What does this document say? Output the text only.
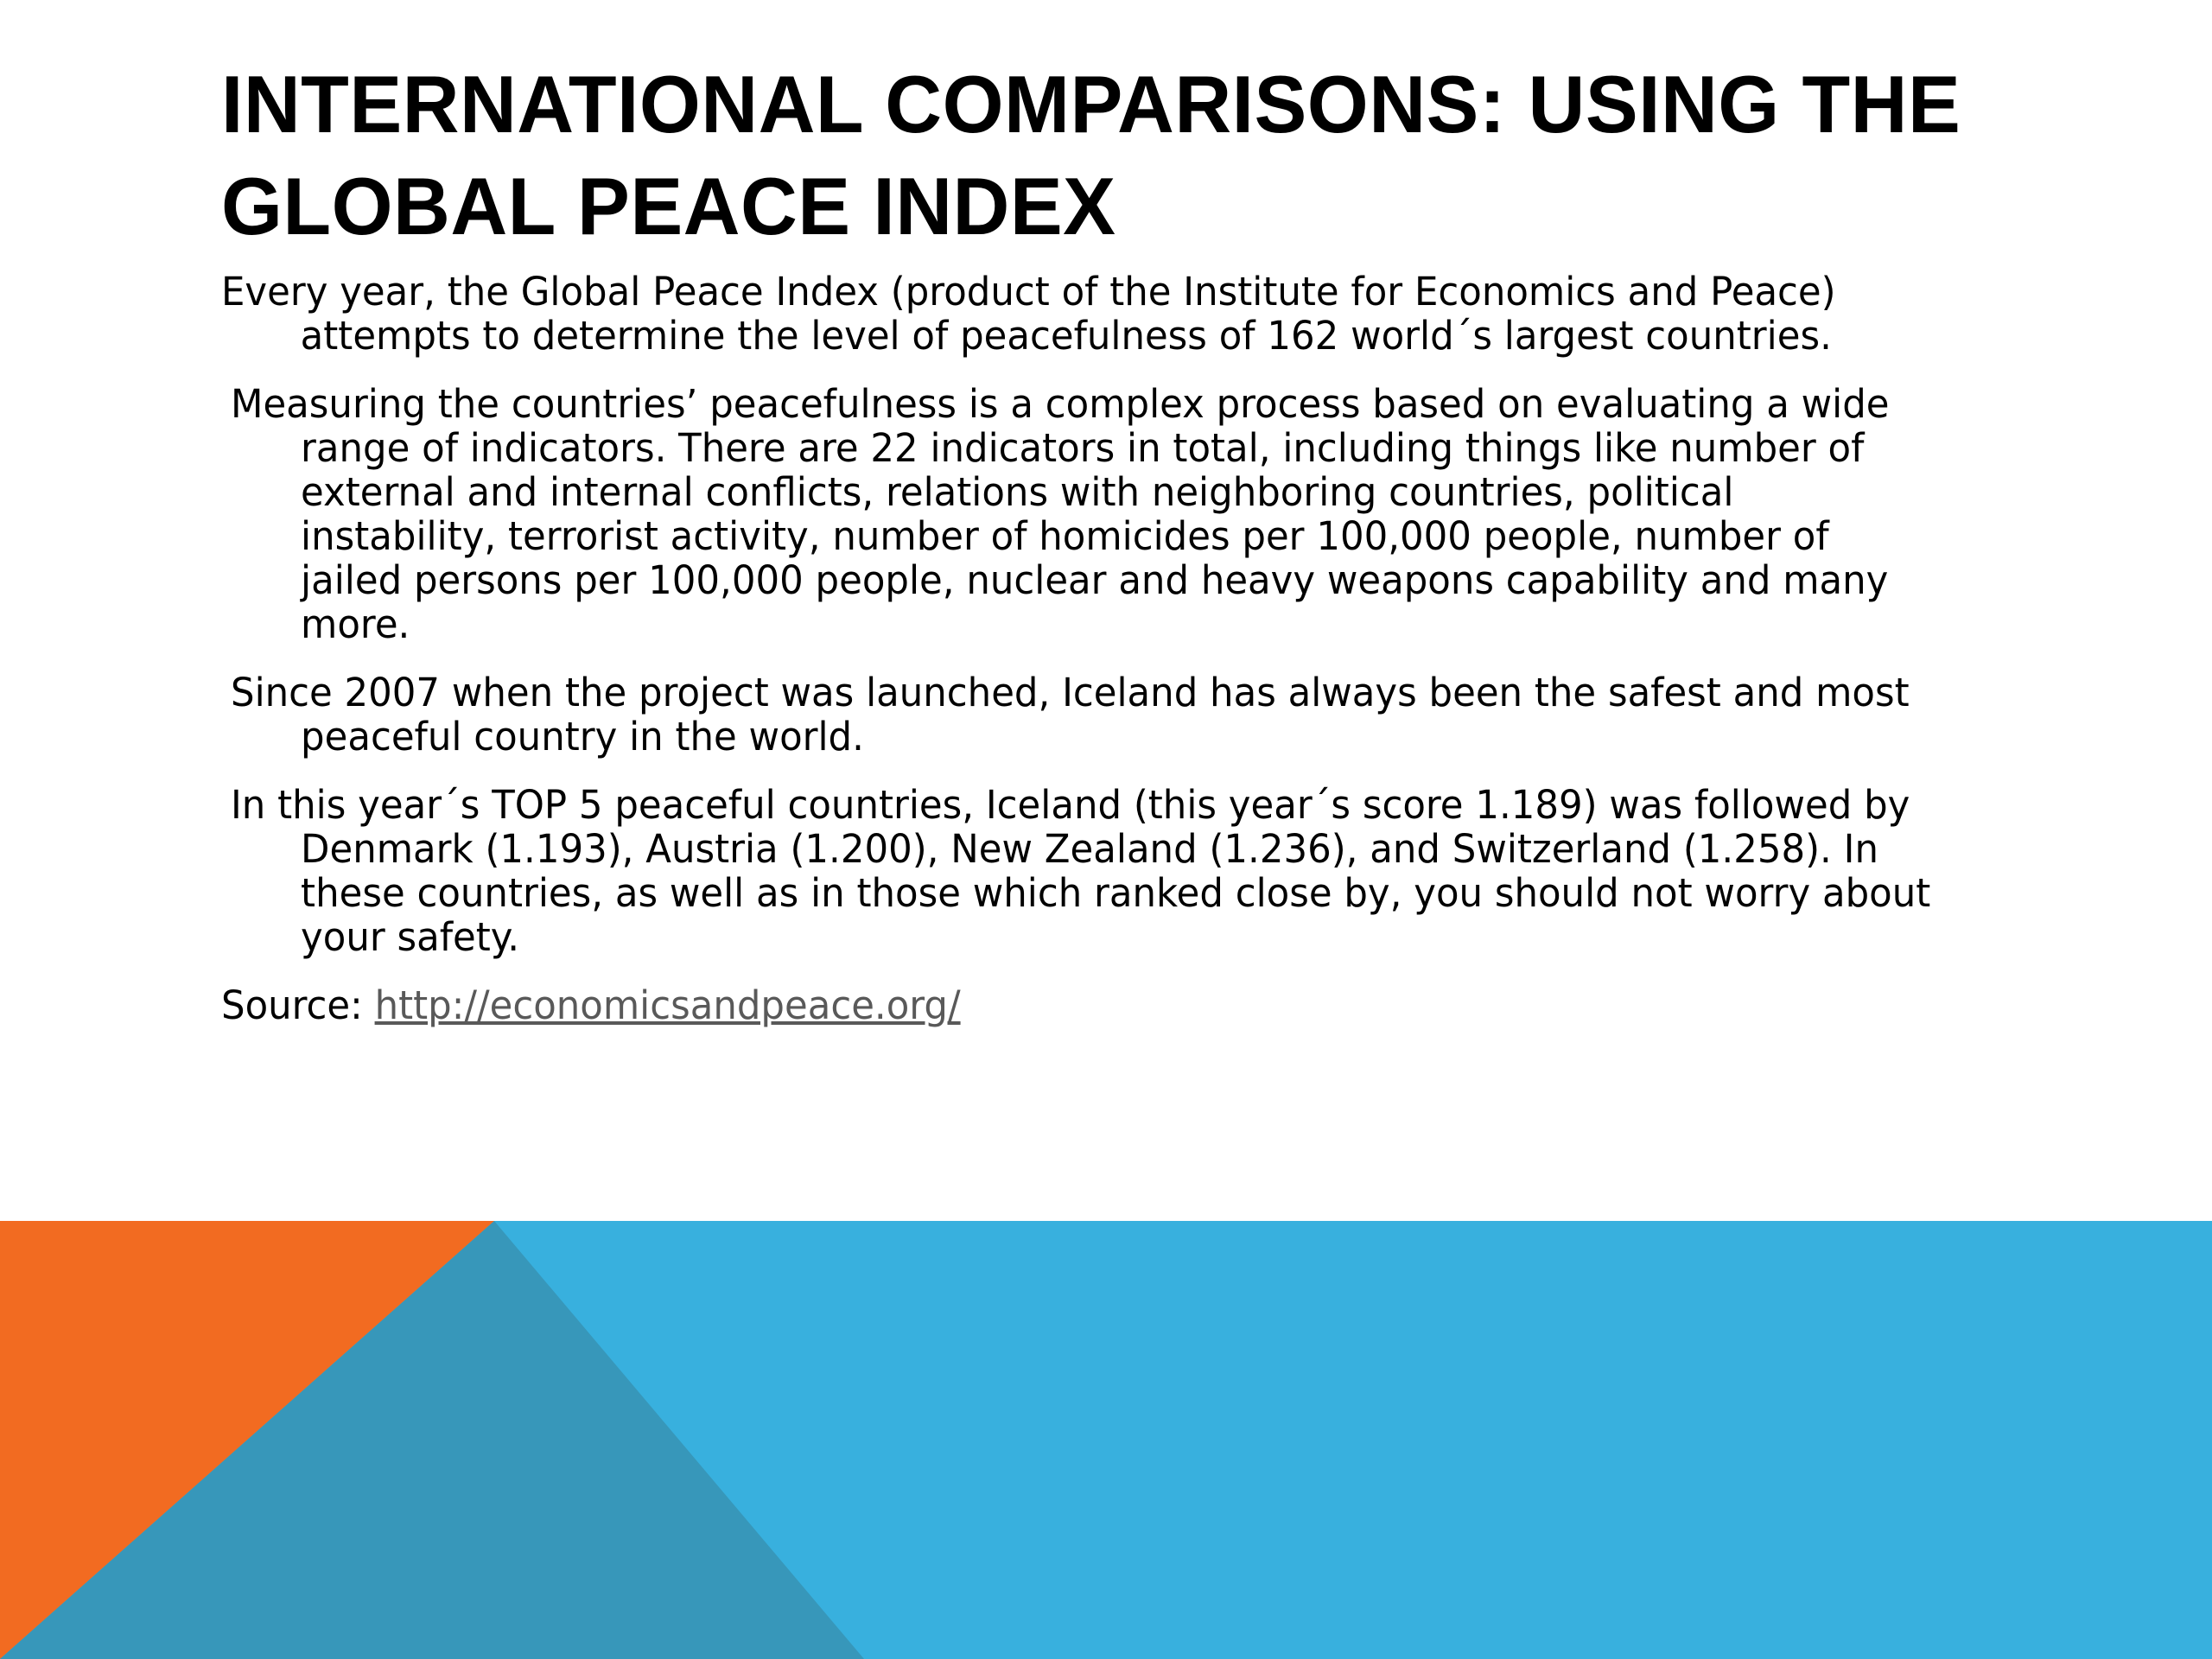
INTERNATIONAL COMPARISONS: USING THE GLOBAL PEACE INDEX

Every year, the Global Peace Index (product of the Institute for Economics and Peace) attempts to determine the level of peacefulness of 162 world´s largest countries.

Measuring the countries’ peacefulness is a complex process based on evaluating a wide range of indicators. There are 22 indicators in total, including things like number of external and internal conflicts, relations with neighboring countries, political instability, terrorist activity, number of homicides per 100,000 people, number of jailed persons per 100,000 people, nuclear and heavy weapons capability and many more.

Since 2007 when the project was launched, Iceland has always been the safest and most peaceful country in the world.

In this year´s TOP 5 peaceful countries, Iceland (this year´s score 1.189) was followed by Denmark (1.193), Austria (1.200), New Zealand (1.236), and Switzerland (1.258). In these countries, as well as in those which ranked close by, you should not worry about your safety.

Source: http://economicsandpeace.org/
